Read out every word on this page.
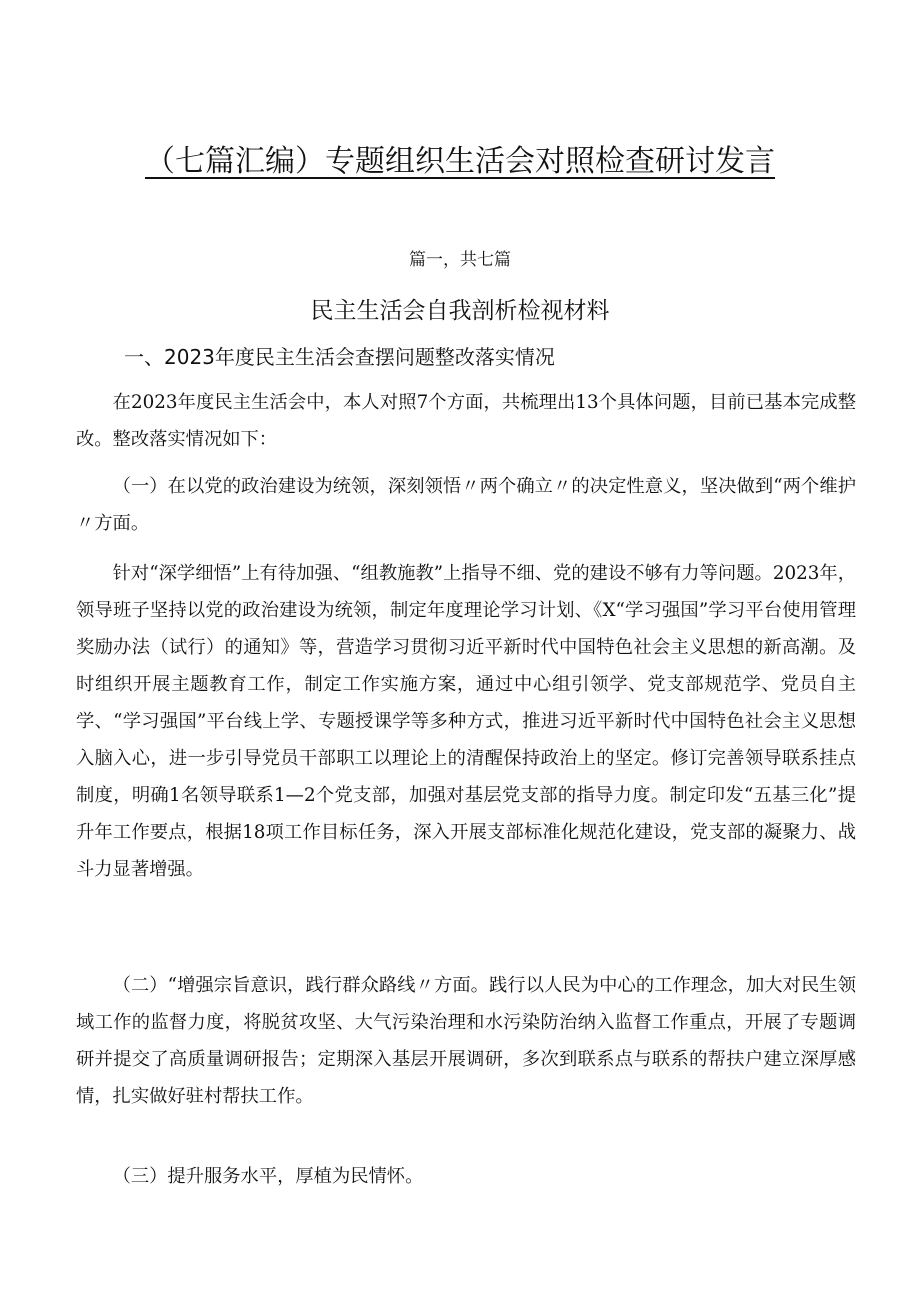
（七篇汇编）专题组织生活会对照检查研讨发言
篇一，共七篇
民主生活会自我剖析检视材料
一、2023年度民主生活会查摆问题整改落实情况

在2023年度民主生活会中，本人对照7个方面，共梳理出13个具体问题，目前已基本完成整改。整改落实情况如下：

（一）在以党的政治建设为统领，深刻领悟〃两个确立〃的决定性意义，坚决做到“两个维护〃方面。

针对“深学细悟”上有待加强、“组教施教”上指导不细、党的建设不够有力等问题。2023年，领导班子坚持以党的政治建设为统领，制定年度理论学习计划、《X“学习强国”学习平台使用管理奖励办法（试行）的通知》等，营造学习贯彻习近平新时代中国特色社会主义思想的新高潮。及时组织开展主题教育工作，制定工作实施方案，通过中心组引领学、党支部规范学、党员自主学、“学习强国”平台线上学、专题授课学等多种方式，推进习近平新时代中国特色社会主义思想入脑入心，进一步引导党员干部职工以理论上的清醒保持政治上的坚定。修订完善领导联系挂点制度，明确1名领导联系1—2个党支部，加强对基层党支部的指导力度。制定印发“五基三化”提升年工作要点，根据18项工作目标任务，深入开展支部标准化规范化建设，党支部的凝聚力、战斗力显著增强。

（二）“增强宗旨意识，践行群众路线〃方面。践行以人民为中心的工作理念，加大对民生领域工作的监督力度，将脱贫攻坚、大气污染治理和水污染防治纳入监督工作重点，开展了专题调研并提交了高质量调研报告；定期深入基层开展调研，多次到联系点与联系的帮扶户建立深厚感情，扎实做好驻村帮扶工作。

（三）提升服务水平，厚植为民情怀。
